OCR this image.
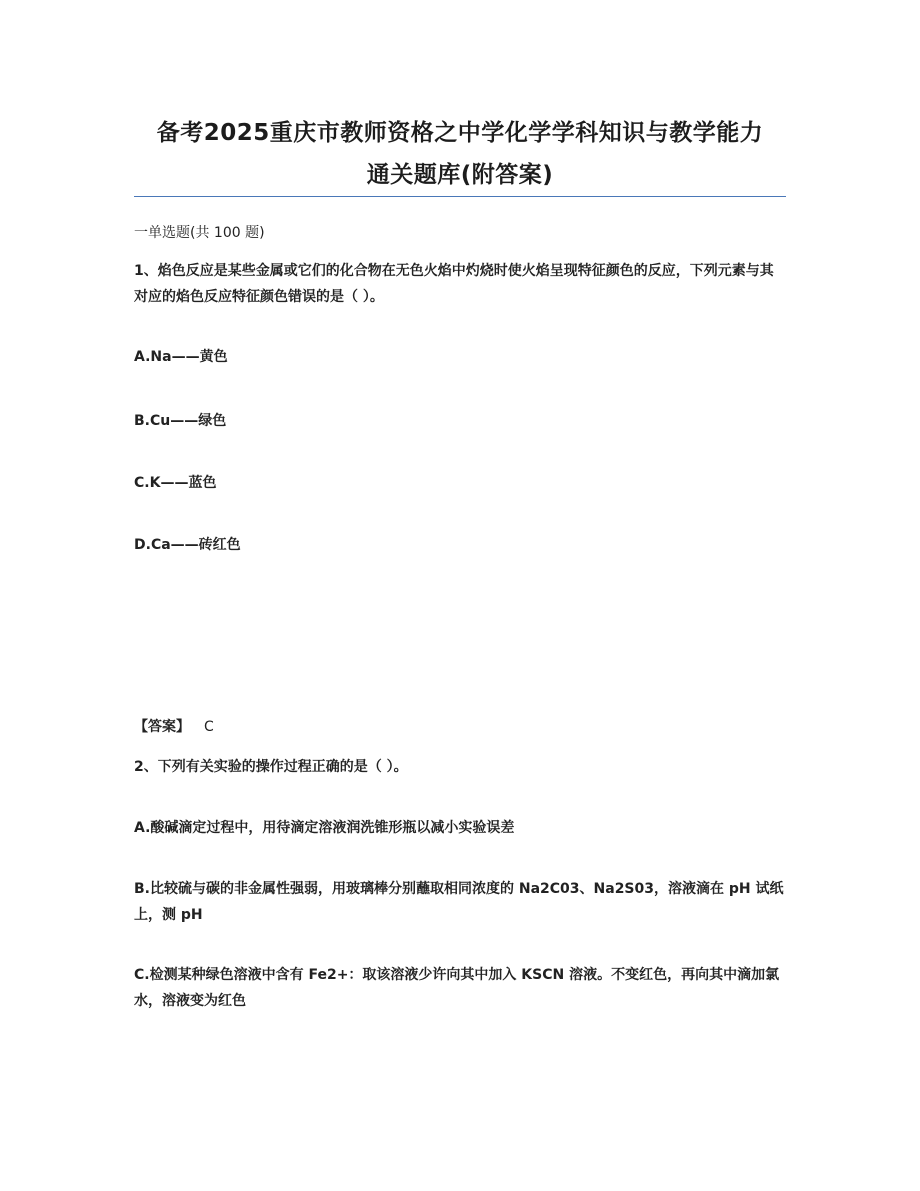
备考2025重庆市教师资格之中学化学学科知识与教学能力
通关题库(附答案)
一单选题(共 100 题)
1、焰色反应是某些金属或它们的化合物在无色火焰中灼烧时使火焰呈现特征颜色的反应，下列元素与其对应的焰色反应特征颜色错误的是（ ）。
A.Na——黄色
B.Cu——绿色
C.K——蓝色
D.Ca——砖红色
【答案】 C
2、下列有关实验的操作过程正确的是（ ）。
A.酸碱滴定过程中，用待滴定溶液润洗锥形瓶以减小实验误差
B.比较硫与碳的非金属性强弱，用玻璃棒分别蘸取相同浓度的 Na2C03、Na2S03，溶液滴在 pH 试纸上，测 pH
C.检测某种绿色溶液中含有 Fe2+：取该溶液少许向其中加入 KSCN 溶液。不变红色，再向其中滴加氯水，溶液变为红色
